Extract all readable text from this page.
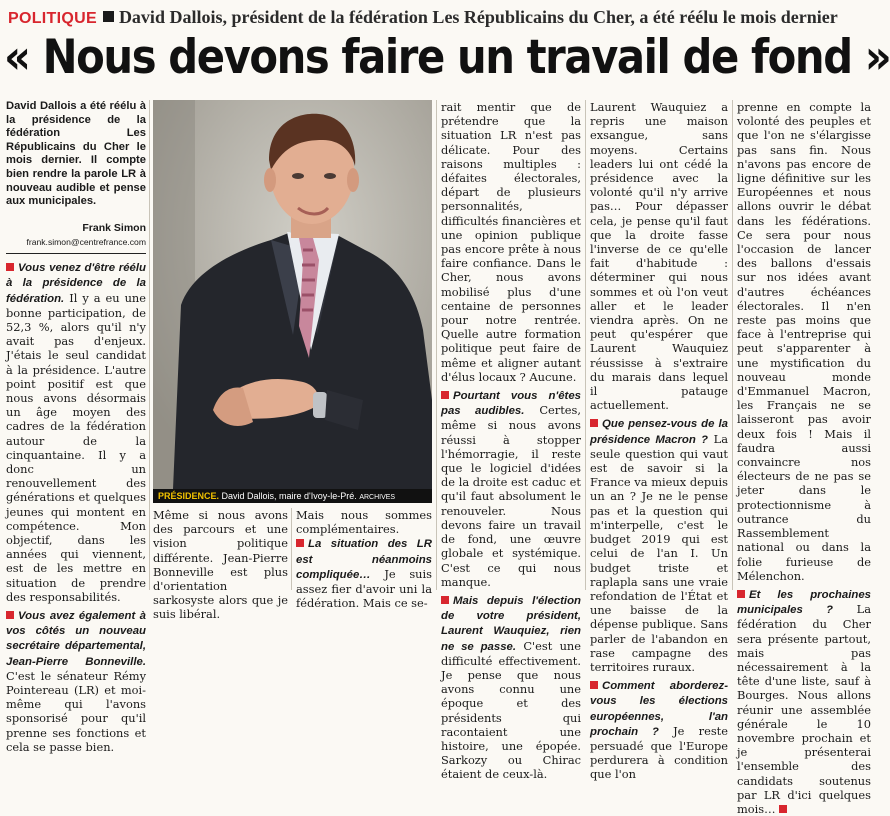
POLITIQUE David Dallois, président de la fédération Les Républicains du Cher, a été réélu le mois dernier
« Nous devons faire un travail de fond »

David Dallois a été réélu à la présidence de la fédération Les Républicains du Cher le mois dernier. Il compte bien rendre la parole LR à nouveau audible et pense aux municipales.

Frank Simon
frank.simon@centrefrance.com

Vous venez d'être réélu à la présidence de la fédération. Il y a eu une bonne participation, de 52,3 %, alors qu'il n'y avait pas d'enjeux. J'étais le seul candidat à la présidence. L'autre point positif est que nous avons désormais un âge moyen des cadres de la fédération autour de la cinquantaine. Il y a donc un renouvellement des générations et quelques jeunes qui montent en compétence. Mon objectif, dans les années qui viennent, est de les mettre en situation de prendre des responsabilités.

Vous avez également à vos côtés un nouveau secrétaire départemental, Jean-Pierre Bonneville. C'est le sénateur Rémy Pointereau (LR) et moi-même qui l'avons sponsorisé pour qu'il prenne ses fonctions et cela se passe bien.

PRÉSIDENCE. David Dallois, maire d'Ivoy-le-Pré. ARCHIVES

Même si nous avons des parcours et une vision politique différente. Jean-Pierre Bonneville est plus d'orientation sarkosyste alors que je suis libéral.

Mais nous sommes complémentaires.

La situation des LR est néanmoins compliquée… Je suis assez fier d'avoir uni la fédération. Mais ce se-

rait mentir que de prétendre que la situation LR n'est pas délicate. Pour des raisons multiples : défaites électorales, départ de plusieurs personnalités, difficultés financières et une opinion publique pas encore prête à nous faire confiance. Dans le Cher, nous avons mobilisé plus d'une centaine de personnes pour notre rentrée. Quelle autre formation politique peut faire de même et aligner autant d'élus locaux ? Aucune.

Pourtant vous n'êtes pas audibles. Certes, même si nous avons réussi à stopper l'hémorragie, il reste que le logiciel d'idées de la droite est caduc et qu'il faut absolument le renouveler. Nous devons faire un travail de fond, une œuvre globale et systémique. C'est ce qui nous manque.

Mais depuis l'élection de votre président, Laurent Wauquiez, rien ne se passe. C'est une difficulté effectivement. Je pense que nous avons connu une époque et des présidents qui racontaient une histoire, une épopée. Sarkozy ou Chirac étaient de ceux-là.

Laurent Wauquiez a repris une maison exsangue, sans moyens. Certains leaders lui ont cédé la présidence avec la volonté qu'il n'y arrive pas… Pour dépasser cela, je pense qu'il faut que la droite fasse l'inverse de ce qu'elle fait d'habitude : déterminer qui nous sommes et où l'on veut aller et le leader viendra après. On ne peut qu'espérer que Laurent Wauquiez réussisse à s'extraire du marais dans lequel il patauge actuellement.

Que pensez-vous de la présidence Macron ? La seule question qui vaut est de savoir si la France va mieux depuis un an ? Je ne le pense pas et la question qui m'interpelle, c'est le budget 2019 qui est celui de l'an I. Un budget triste et raplapla sans une vraie refondation de l'État et une baisse de la dépense publique. Sans parler de l'abandon en rase campagne des territoires ruraux.

Comment aborderez-vous les élections européennes, l'an prochain ? Je reste persuadé que l'Europe perdurera à condition que l'on

prenne en compte la volonté des peuples et que l'on ne s'élargisse pas sans fin. Nous n'avons pas encore de ligne définitive sur les Européennes et nous allons ouvrir le débat dans les fédérations. Ce sera pour nous l'occasion de lancer des ballons d'essais sur nos idées avant d'autres échéances électorales. Il n'en reste pas moins que face à l'entreprise qui peut s'apparenter à une mystification du nouveau monde d'Emmanuel Macron, les Français ne se laisseront pas avoir deux fois ! Mais il faudra aussi convaincre nos électeurs de ne pas se jeter dans le protectionnisme à outrance du Rassemblement national ou dans la folie furieuse de Mélenchon.

Et les prochaines municipales ? La fédération du Cher sera présente partout, mais pas nécessairement à la tête d'une liste, sauf à Bourges. Nous allons réunir une assemblée générale le 10 novembre prochain et je présenterai l'ensemble des candidats soutenus par LR d'ici quelques mois…
